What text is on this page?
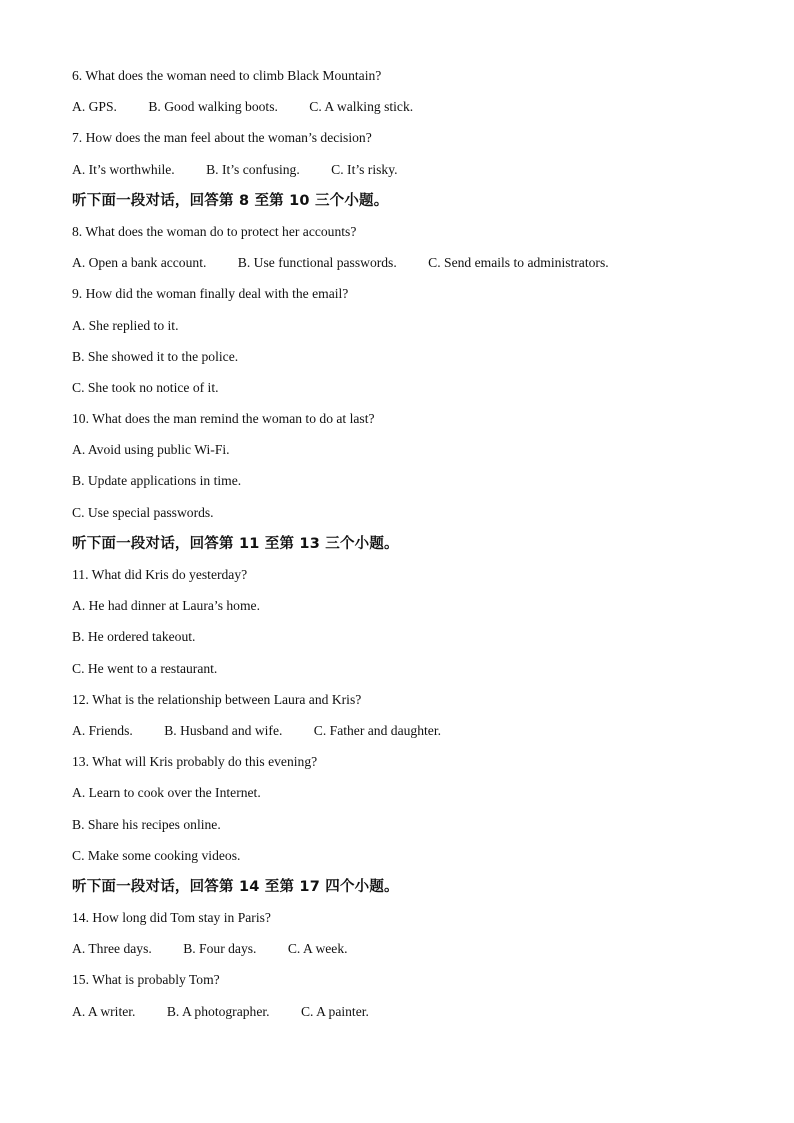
6. What does the woman need to climb Black Mountain?
A. GPS. B. Good walking boots. C. A walking stick.
7. How does the man feel about the woman’s decision?
A. It’s worthwhile. B. It’s confusing. C. It’s risky.
听下面一段对话，回答第 8 至第 10 三个小题。
8. What does the woman do to protect her accounts?
A. Open a bank account. B. Use functional passwords. C. Send emails to administrators.
9. How did the woman finally deal with the email?
A. She replied to it.
B. She showed it to the police.
C. She took no notice of it.
10. What does the man remind the woman to do at last?
A. Avoid using public Wi-Fi.
B. Update applications in time.
C. Use special passwords.
听下面一段对话，回答第 11 至第 13 三个小题。
11. What did Kris do yesterday?
A. He had dinner at Laura’s home.
B. He ordered takeout.
C. He went to a restaurant.
12. What is the relationship between Laura and Kris?
A. Friends. B. Husband and wife. C. Father and daughter.
13. What will Kris probably do this evening?
A. Learn to cook over the Internet.
B. Share his recipes online.
C. Make some cooking videos.
听下面一段对话，回答第 14 至第 17 四个小题。
14. How long did Tom stay in Paris?
A. Three days. B. Four days. C. A week.
15. What is probably Tom?
A. A writer. B. A photographer. C. A painter.
